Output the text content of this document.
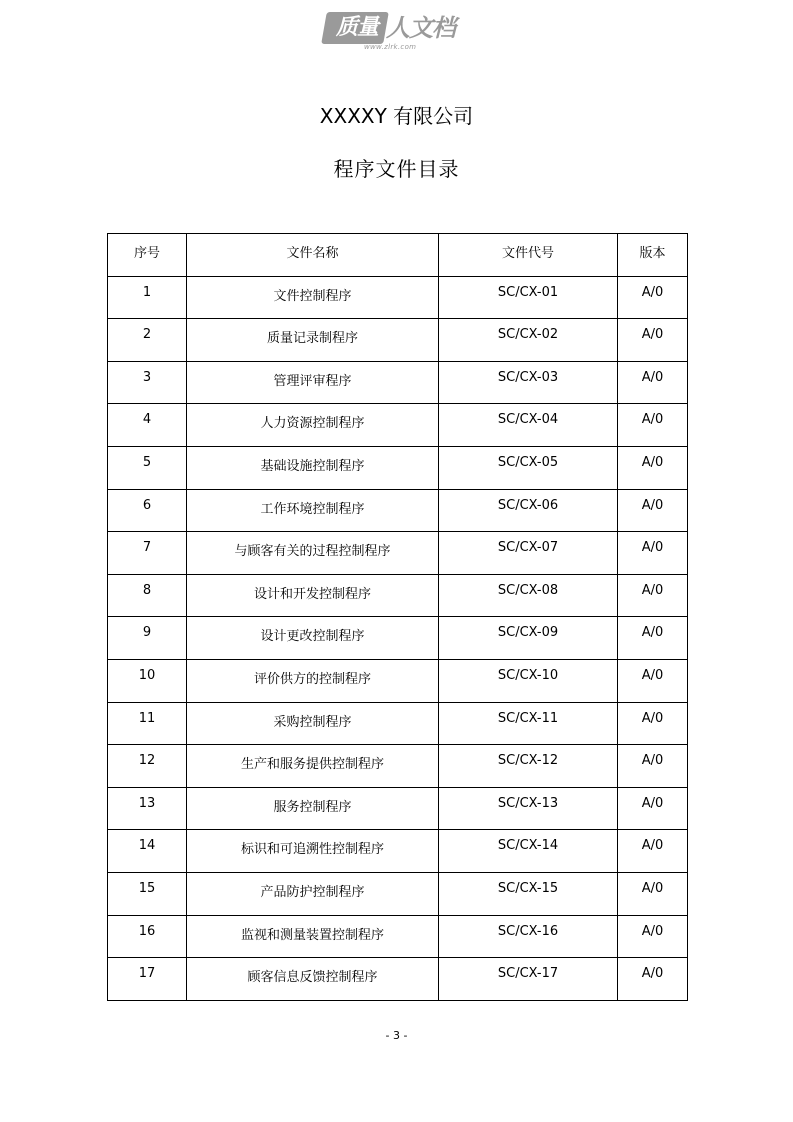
质量 人文档
www.zlrk.com
XXXXY 有限公司
程序文件目录
序号	文件名称	文件代号	版本
1	文件控制程序	SC/CX-01	A/0
2	质量记录制程序	SC/CX-02	A/0
3	管理评审程序	SC/CX-03	A/0
4	人力资源控制程序	SC/CX-04	A/0
5	基础设施控制程序	SC/CX-05	A/0
6	工作环境控制程序	SC/CX-06	A/0
7	与顾客有关的过程控制程序	SC/CX-07	A/0
8	设计和开发控制程序	SC/CX-08	A/0
9	设计更改控制程序	SC/CX-09	A/0
10	评价供方的控制程序	SC/CX-10	A/0
11	采购控制程序	SC/CX-11	A/0
12	生产和服务提供控制程序	SC/CX-12	A/0
13	服务控制程序	SC/CX-13	A/0
14	标识和可追溯性控制程序	SC/CX-14	A/0
15	产品防护控制程序	SC/CX-15	A/0
16	监视和测量装置控制程序	SC/CX-16	A/0
17	顾客信息反馈控制程序	SC/CX-17	A/0
- 3 -
